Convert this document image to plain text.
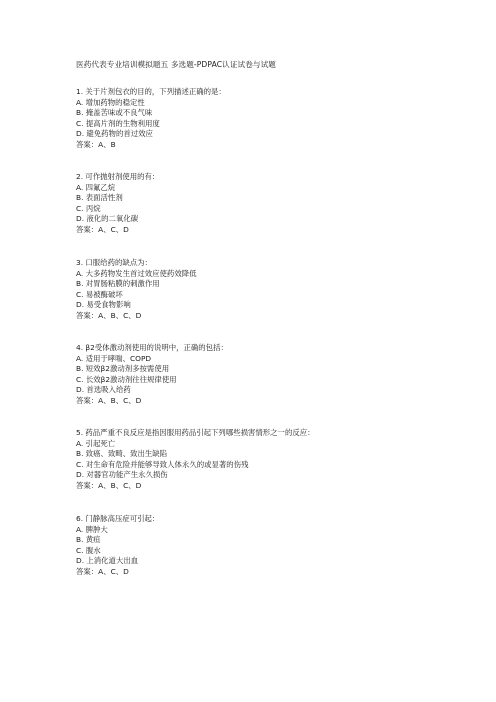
医药代表专业培训模拟题五 多选题-PDPAC认证试卷与试题
1. 关于片剂包衣的目的，下列描述正确的是：
A. 增加药物的稳定性
B. 掩盖苦味或不良气味
C. 提高片剂的生物利用度
D. 避免药物的首过效应
答案：A、B
2. 可作抛射剂使用的有：
A. 四氟乙烷
B. 表面活性剂
C. 丙烷
D. 液化的二氧化碳
答案：A、C、D
3. 口服给药的缺点为：
A. 大多药物发生首过效应使药效降低
B. 对胃肠粘膜的刺激作用
C. 易被酶破坏
D. 易受食物影响
答案：A、B、C、D
4. β2受体激动剂使用的说明中，正确的包括：
A. 适用于哮喘、COPD
B. 短效β2激动剂多按需使用
C. 长效β2激动剂往往规律使用
D. 首选吸入给药
答案：A、B、C、D
5. 药品严重不良反应是指因服用药品引起下列哪些损害情形之一的反应：
A. 引起死亡
B. 致癌、致畸、致出生缺陷
C. 对生命有危险并能够导致人体永久的或显著的伤残
D. 对器官功能产生永久损伤
答案：A、B、C、D
6. 门静脉高压症可引起：
A. 脾肿大
B. 黄疸
C. 腹水
D. 上消化道大出血
答案：A、C、D
